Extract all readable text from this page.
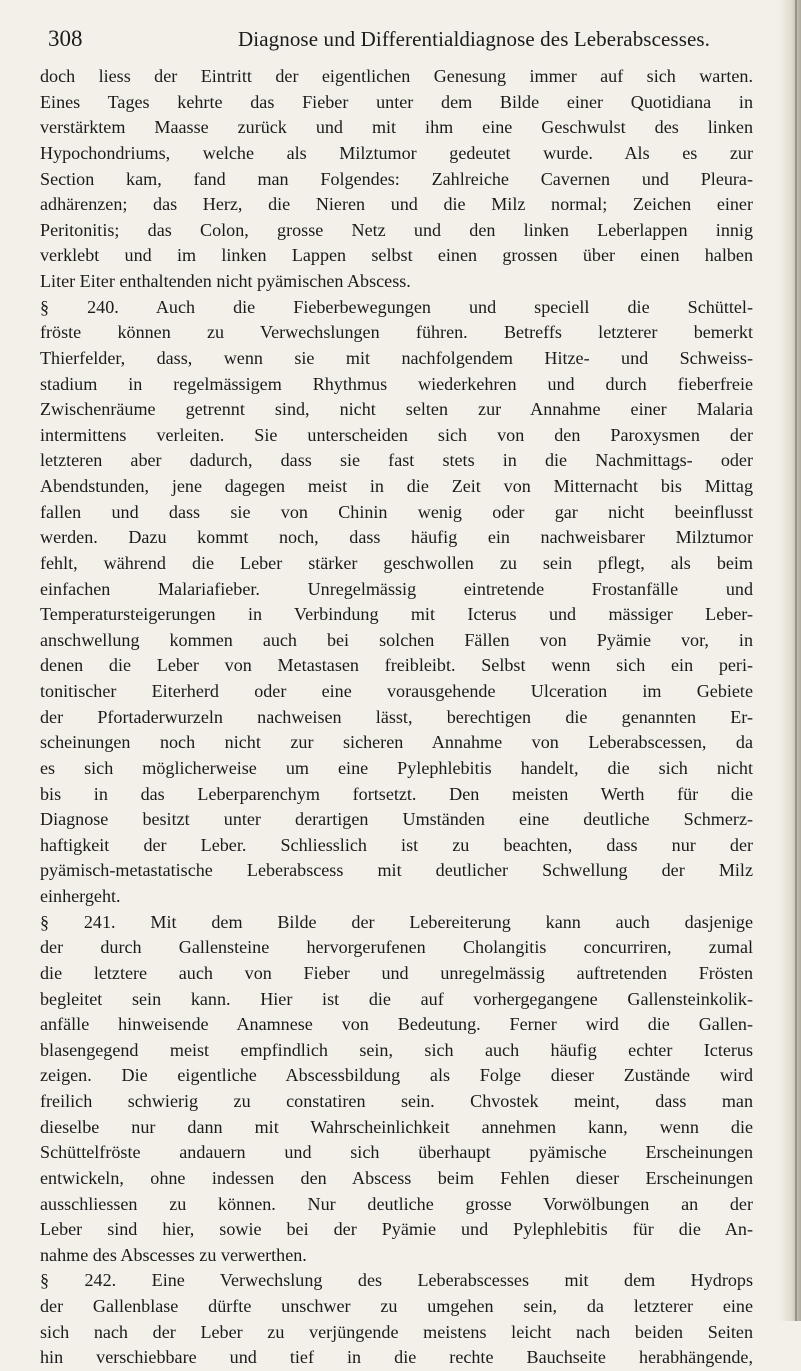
308	Diagnose und Differentialdiagnose des Leberabscesses.
doch liess der Eintritt der eigentlichen Genesung immer auf sich warten.
Eines Tages kehrte das Fieber unter dem Bilde einer Quotidiana in
verstärktem Maasse zurück und mit ihm eine Geschwulst des linken
Hypochondriums, welche als Milztumor gedeutet wurde. Als es zur
Section kam, fand man Folgendes: Zahlreiche Cavernen und Pleura-
adhärenzen; das Herz, die Nieren und die Milz normal; Zeichen einer
Peritonitis; das Colon, grosse Netz und den linken Leberlappen innig
verklebt und im linken Lappen selbst einen grossen über einen halben
Liter Eiter enthaltenden nicht pyämischen Abscess.
§ 240. Auch die Fieberbewegungen und speciell die Schüttel-
fröste können zu Verwechslungen führen. Betreffs letzterer bemerkt
Thierfelder, dass, wenn sie mit nachfolgendem Hitze- und Schweiss-
stadium in regelmässigem Rhythmus wiederkehren und durch fieberfreie
Zwischenräume getrennt sind, nicht selten zur Annahme einer Malaria
intermittens verleiten. Sie unterscheiden sich von den Paroxysmen der
letzteren aber dadurch, dass sie fast stets in die Nachmittags- oder
Abendstunden, jene dagegen meist in die Zeit von Mitternacht bis Mittag
fallen und dass sie von Chinin wenig oder gar nicht beeinflusst
werden. Dazu kommt noch, dass häufig ein nachweisbarer Milztumor
fehlt, während die Leber stärker geschwollen zu sein pflegt, als beim
einfachen Malariafieber. Unregelmässig eintretende Frostanfälle und
Temperatursteigerungen in Verbindung mit Icterus und mässiger Leber-
anschwellung kommen auch bei solchen Fällen von Pyämie vor, in
denen die Leber von Metastasen freibleibt. Selbst wenn sich ein peri-
tonitischer Eiterherd oder eine vorausgehende Ulceration im Gebiete
der Pfortaderwurzeln nachweisen lässt, berechtigen die genannten Er-
scheinungen noch nicht zur sicheren Annahme von Leberabscessen, da
es sich möglicherweise um eine Pylephlebitis handelt, die sich nicht
bis in das Leberparenchym fortsetzt. Den meisten Werth für die
Diagnose besitzt unter derartigen Umständen eine deutliche Schmerz-
haftigkeit der Leber. Schliesslich ist zu beachten, dass nur der
pyämisch-metastatische Leberabscess mit deutlicher Schwellung der Milz
einhergeht.
§ 241. Mit dem Bilde der Lebereiterung kann auch dasjenige
der durch Gallensteine hervorgerufenen Cholangitis concurriren, zumal
die letztere auch von Fieber und unregelmässig auftretenden Frösten
begleitet sein kann. Hier ist die auf vorhergegangene Gallensteinkolik-
anfälle hinweisende Anamnese von Bedeutung. Ferner wird die Gallen-
blasengegend meist empfindlich sein, sich auch häufig echter Icterus
zeigen. Die eigentliche Abscessbildung als Folge dieser Zustände wird
freilich schwierig zu constatiren sein. Chvostek meint, dass man
dieselbe nur dann mit Wahrscheinlichkeit annehmen kann, wenn die
Schüttelfröste andauern und sich überhaupt pyämische Erscheinungen
entwickeln, ohne indessen den Abscess beim Fehlen dieser Erscheinungen
ausschliessen zu können. Nur deutliche grosse Vorwölbungen an der
Leber sind hier, sowie bei der Pyämie und Pylephlebitis für die An-
nahme des Abscesses zu verwerthen.
§ 242. Eine Verwechslung des Leberabscesses mit dem Hydrops
der Gallenblase dürfte unschwer zu umgehen sein, da letzterer eine
sich nach der Leber zu verjüngende meistens leicht nach beiden Seiten
hin verschiebbare und tief in die rechte Bauchseite herabhängende,
